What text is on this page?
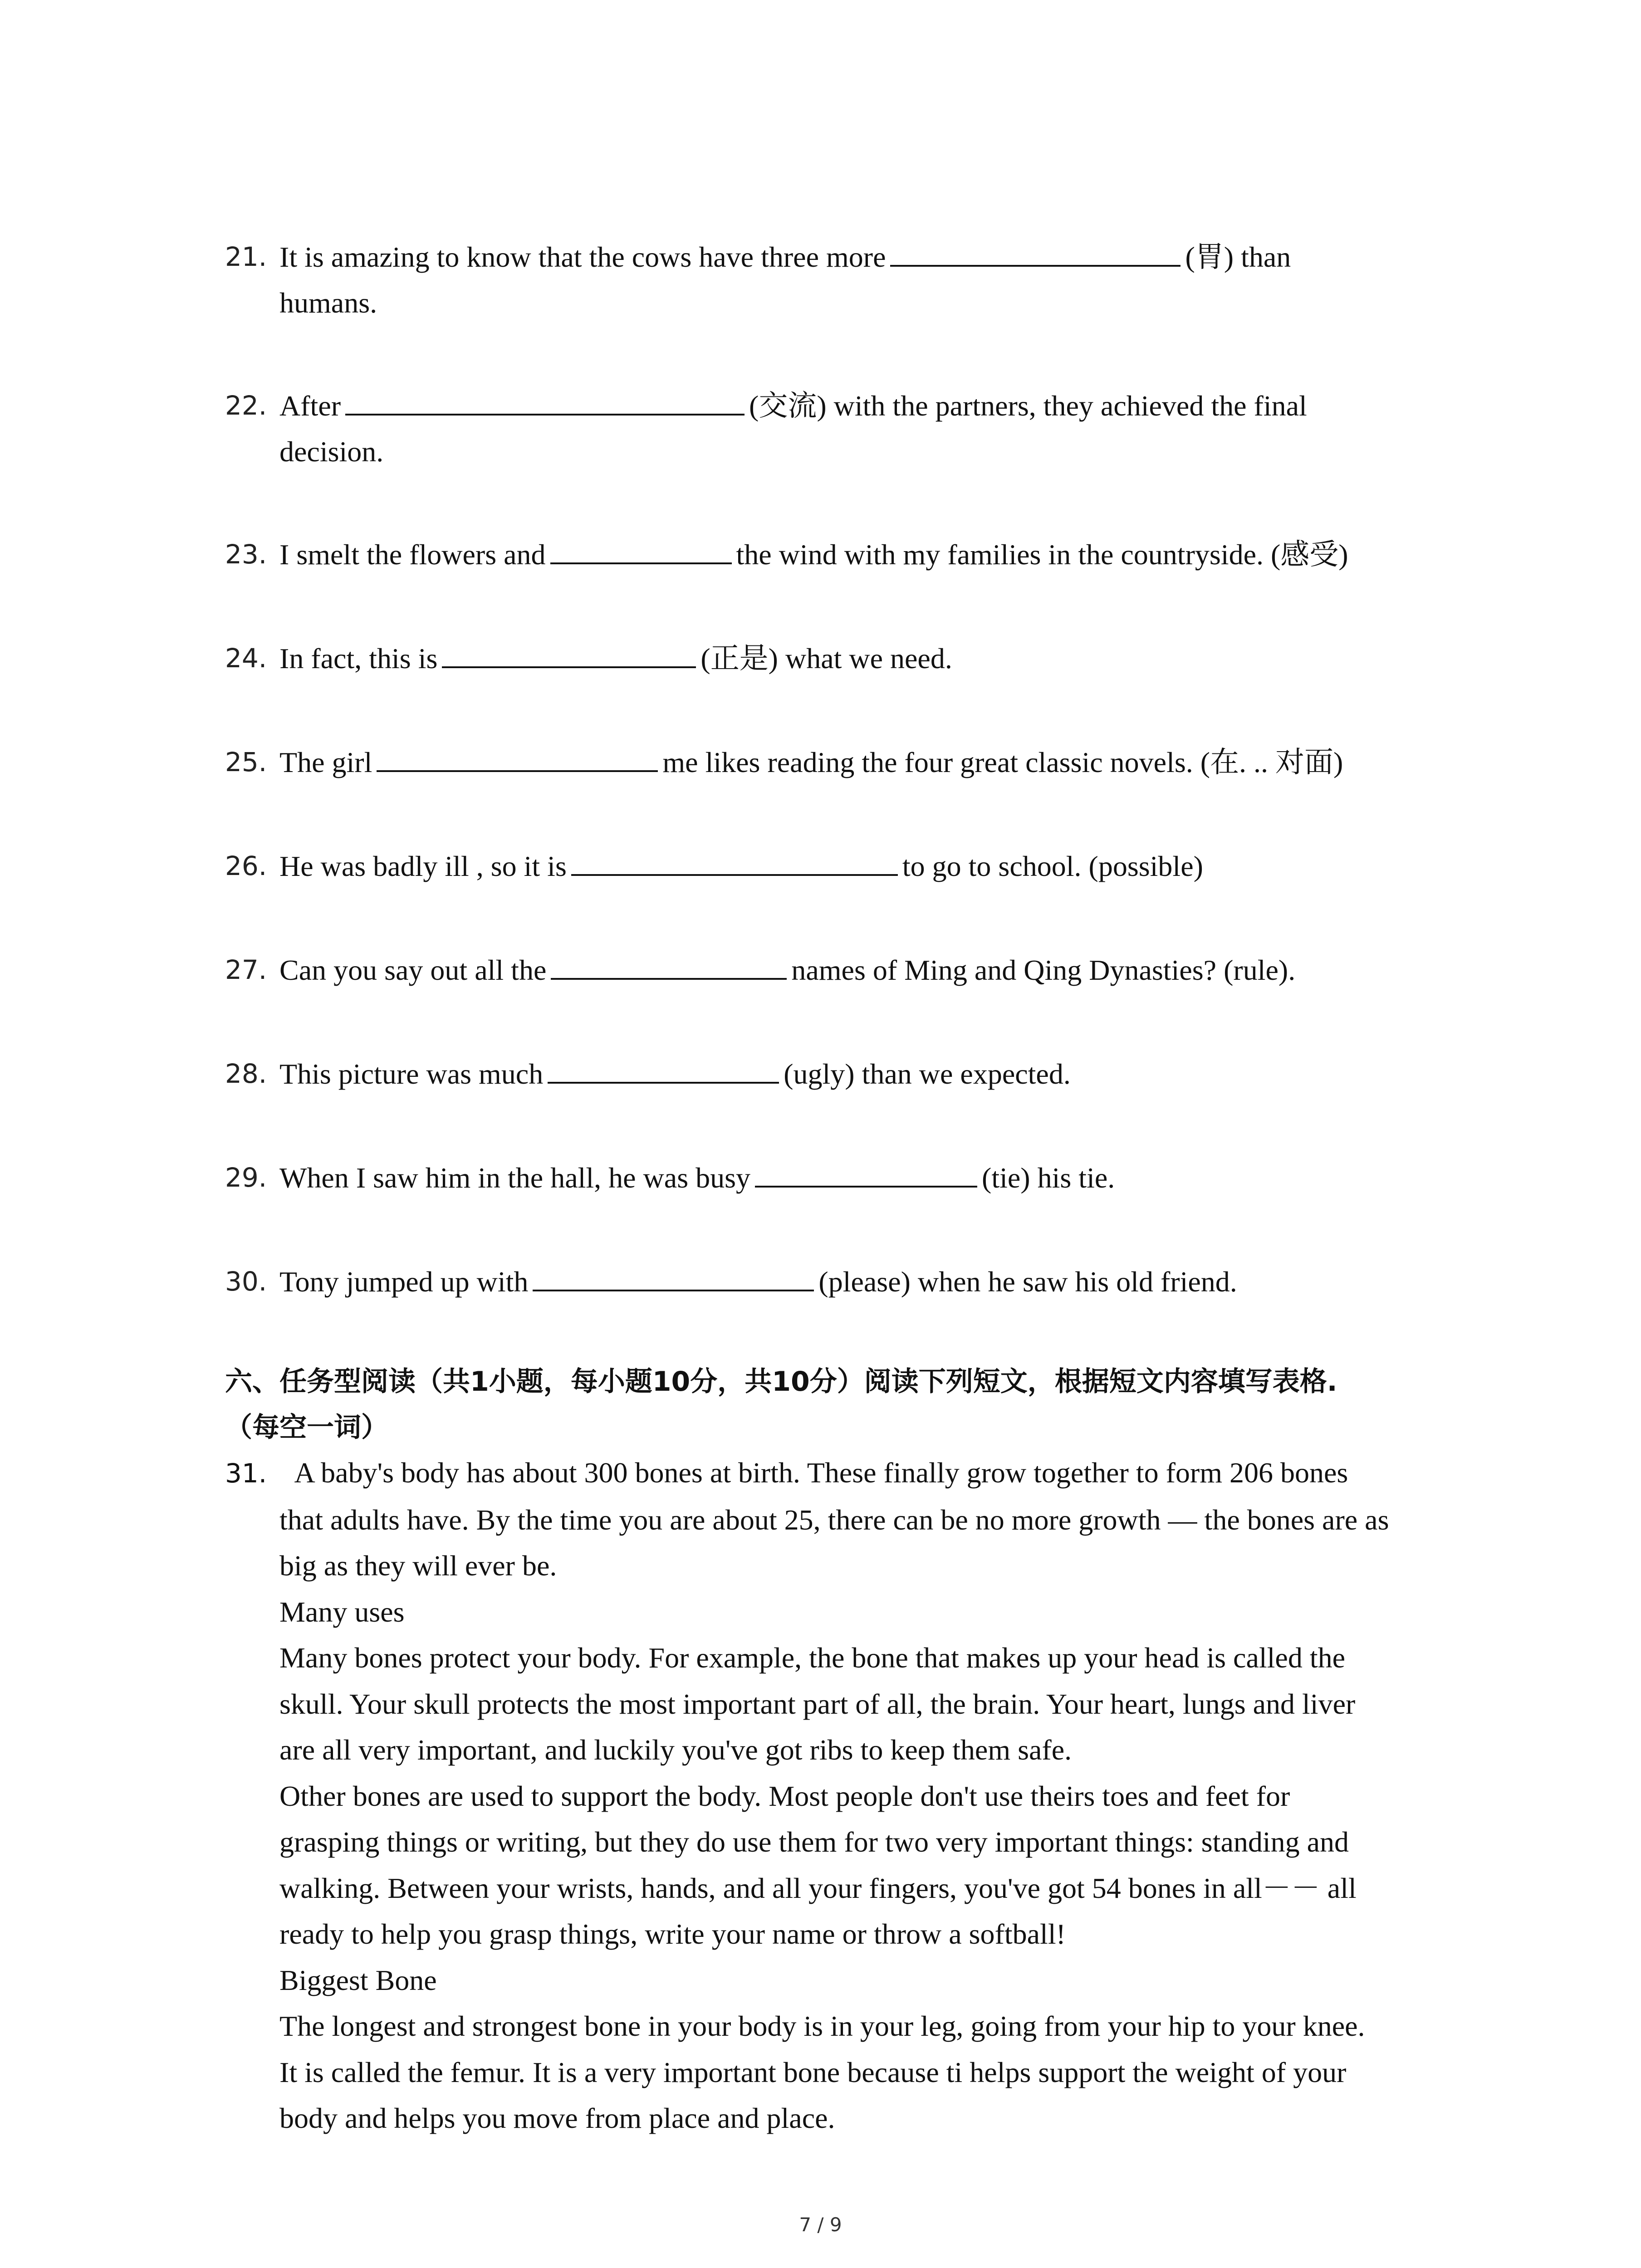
21. It is amazing to know that the cows have three more	(胃) than
humans.
22. After	(交流) with the partners, they achieved the final
decision.
23. I smelt the flowers and	the wind with my families in the countryside. (感受)
24. In fact, this is	(正是) what we need.
25. The girl	me likes reading the four great classic novels. (在. .. 对面)
26. He was badly ill , so it is	to go to school. (possible)
27. Can you say out all the	names of Ming and Qing Dynasties? (rule).
28. This picture was much	(ugly) than we expected.
29. When I saw him in the hall, he was busy	(tie) his tie.
30. Tony jumped up with	(please) when he saw his old friend.
六、任务型阅读（共1小题，每小题10分，共10分）阅读下列短文，根据短文内容填写表格.
（每空一词）
31. A baby's body has about 300 bones at birth. These finally grow together to form 206 bones
that adults have. By the time you are about 25, there can be no more growth — the bones are as
big as they will ever be.
Many uses
Many bones protect your body. For example, the bone that makes up your head is called the
skull. Your skull protects the most important part of all, the brain. Your heart, lungs and liver
are all very important, and luckily you've got ribs to keep them safe.
Other bones are used to support the body. Most people don't use theirs toes and feet for
grasping things or writing, but they do use them for two very important things: standing and
walking. Between your wrists, hands, and all your fingers, you've got 54 bones in all－－ all
ready to help you grasp things, write your name or throw a softball!
Biggest Bone
The longest and strongest bone in your body is in your leg, going from your hip to your knee.
It is called the femur. It is a very important bone because ti helps support the weight of your
body and helps you move from place and place.
7 / 9
